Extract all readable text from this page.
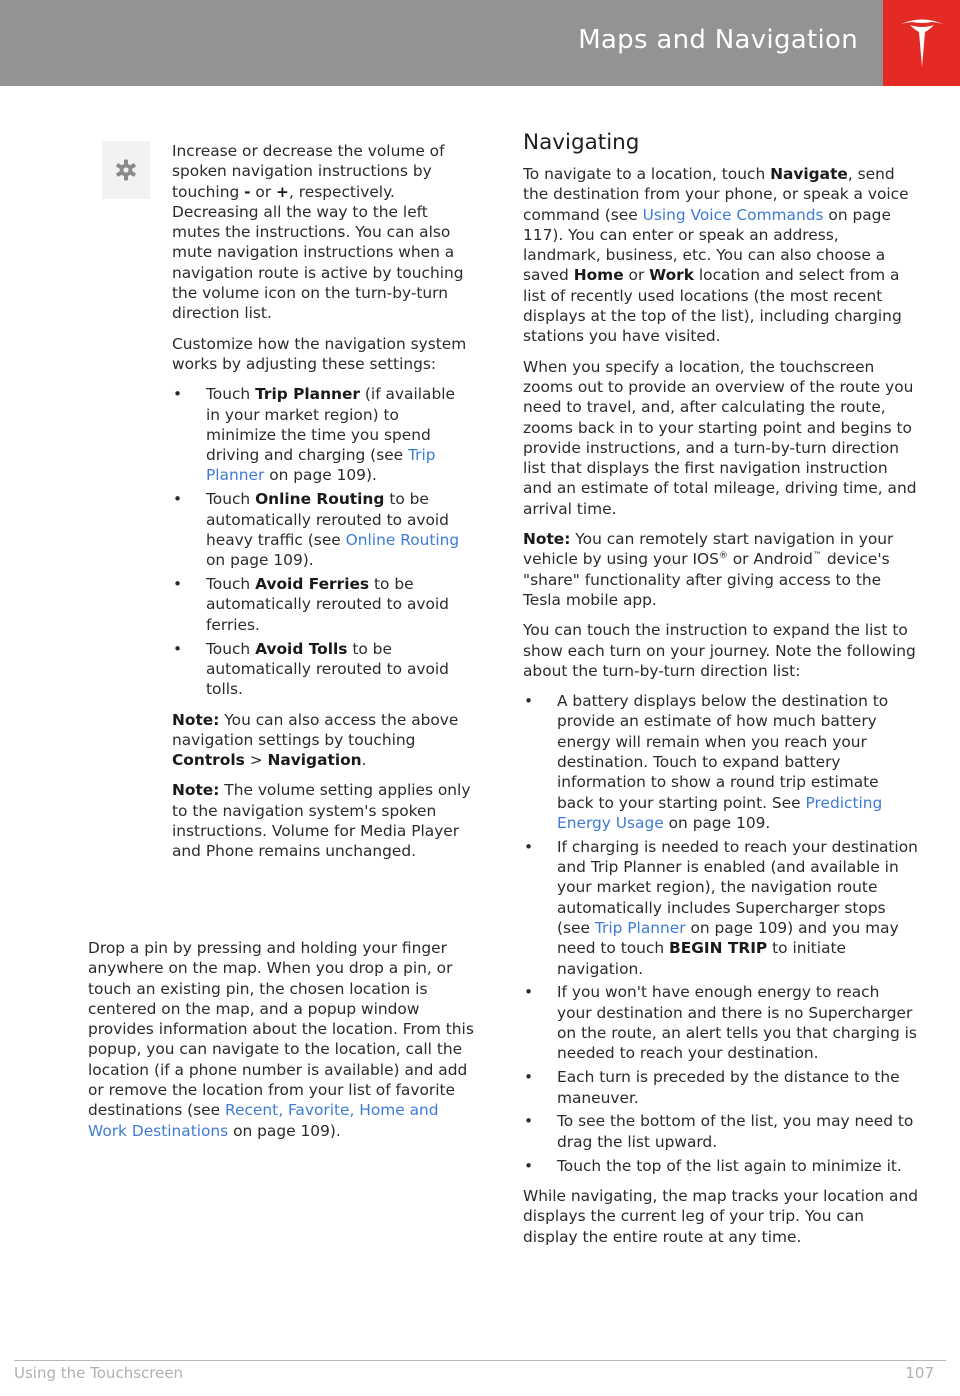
Maps and Navigation

Increase or decrease the volume of spoken navigation instructions by touching - or +, respectively. Decreasing all the way to the left mutes the instructions. You can also mute navigation instructions when a navigation route is active by touching the volume icon on the turn-by-turn direction list.

Customize how the navigation system works by adjusting these settings:

• Touch Trip Planner (if available in your market region) to minimize the time you spend driving and charging (see Trip Planner on page 109).
• Touch Online Routing to be automatically rerouted to avoid heavy traffic (see Online Routing on page 109).
• Touch Avoid Ferries to be automatically rerouted to avoid ferries.
• Touch Avoid Tolls to be automatically rerouted to avoid tolls.

Note: You can also access the above navigation settings by touching Controls > Navigation.

Note: The volume setting applies only to the navigation system's spoken instructions. Volume for Media Player and Phone remains unchanged.

Drop a pin by pressing and holding your finger anywhere on the map. When you drop a pin, or touch an existing pin, the chosen location is centered on the map, and a popup window provides information about the location. From this popup, you can navigate to the location, call the location (if a phone number is available) and add or remove the location from your list of favorite destinations (see Recent, Favorite, Home and Work Destinations on page 109).

Navigating

To navigate to a location, touch Navigate, send the destination from your phone, or speak a voice command (see Using Voice Commands on page 117). You can enter or speak an address, landmark, business, etc. You can also choose a saved Home or Work location and select from a list of recently used locations (the most recent displays at the top of the list), including charging stations you have visited.

When you specify a location, the touchscreen zooms out to provide an overview of the route you need to travel, and, after calculating the route, zooms back in to your starting point and begins to provide instructions, and a turn-by-turn direction list that displays the first navigation instruction and an estimate of total mileage, driving time, and arrival time.

Note: You can remotely start navigation in your vehicle by using your IOS® or Android™ device's "share" functionality after giving access to the Tesla mobile app.

You can touch the instruction to expand the list to show each turn on your journey. Note the following about the turn-by-turn direction list:

• A battery displays below the destination to provide an estimate of how much battery energy will remain when you reach your destination. Touch to expand battery information to show a round trip estimate back to your starting point. See Predicting Energy Usage on page 109.
• If charging is needed to reach your destination and Trip Planner is enabled (and available in your market region), the navigation route automatically includes Supercharger stops (see Trip Planner on page 109) and you may need to touch BEGIN TRIP to initiate navigation.
• If you won't have enough energy to reach your destination and there is no Supercharger on the route, an alert tells you that charging is needed to reach your destination.
• Each turn is preceded by the distance to the maneuver.
• To see the bottom of the list, you may need to drag the list upward.
• Touch the top of the list again to minimize it.

While navigating, the map tracks your location and displays the current leg of your trip. You can display the entire route at any time.

Using the Touchscreen	107
